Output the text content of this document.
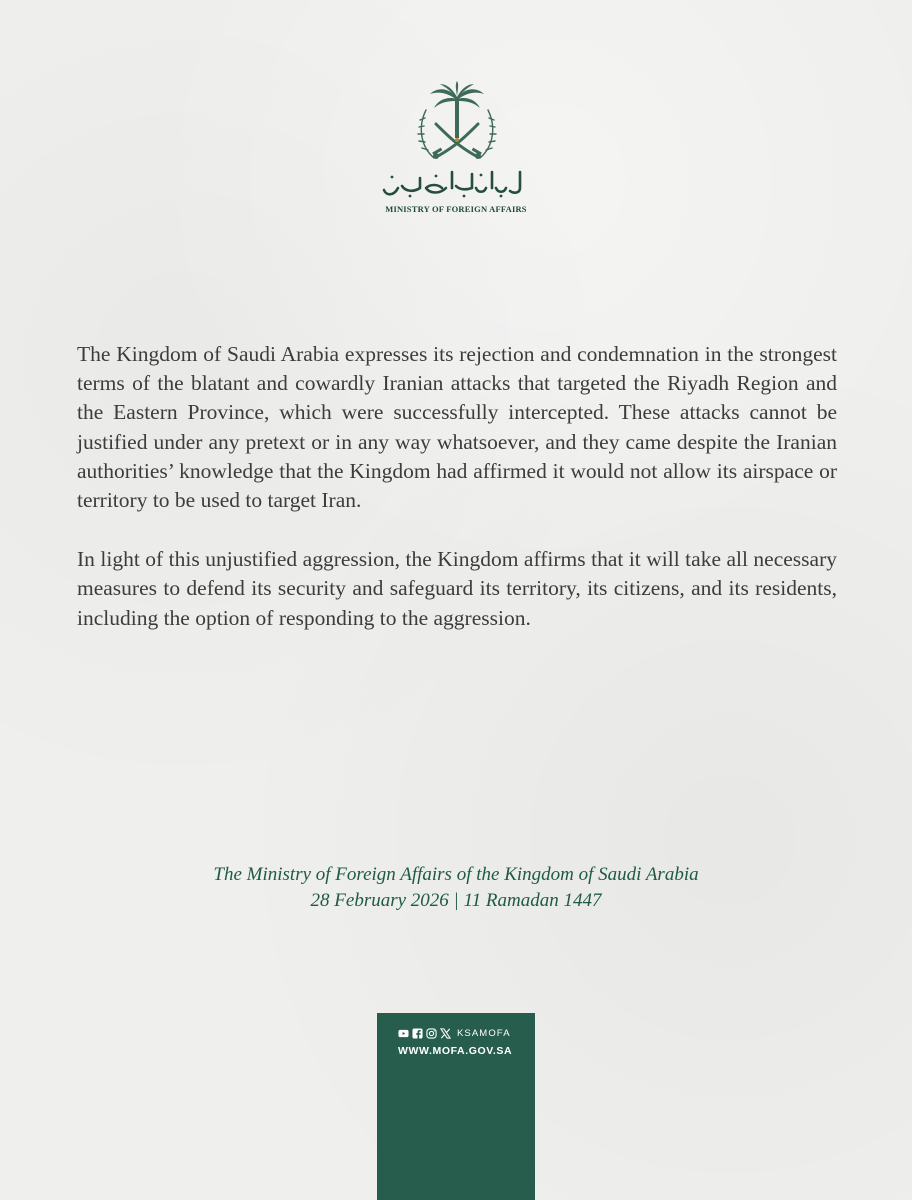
MINISTRY OF FOREIGN AFFAIRS

The Kingdom of Saudi Arabia expresses its rejection and condemnation in the strongest terms of the blatant and cowardly Iranian attacks that targeted the Riyadh Region and the Eastern Province, which were successfully intercepted. These attacks cannot be justified under any pretext or in any way whatsoever, and they came despite the Iranian authorities’ knowledge that the Kingdom had affirmed it would not allow its airspace or territory to be used to target Iran.

In light of this unjustified aggression, the Kingdom affirms that it will take all necessary measures to defend its security and safeguard its territory, its citizens, and its residents, including the option of responding to the aggression.

The Ministry of Foreign Affairs of the Kingdom of Saudi Arabia
28 February 2026 | 11 Ramadan 1447
KSAMOFA
WWW.MOFA.GOV.SA
